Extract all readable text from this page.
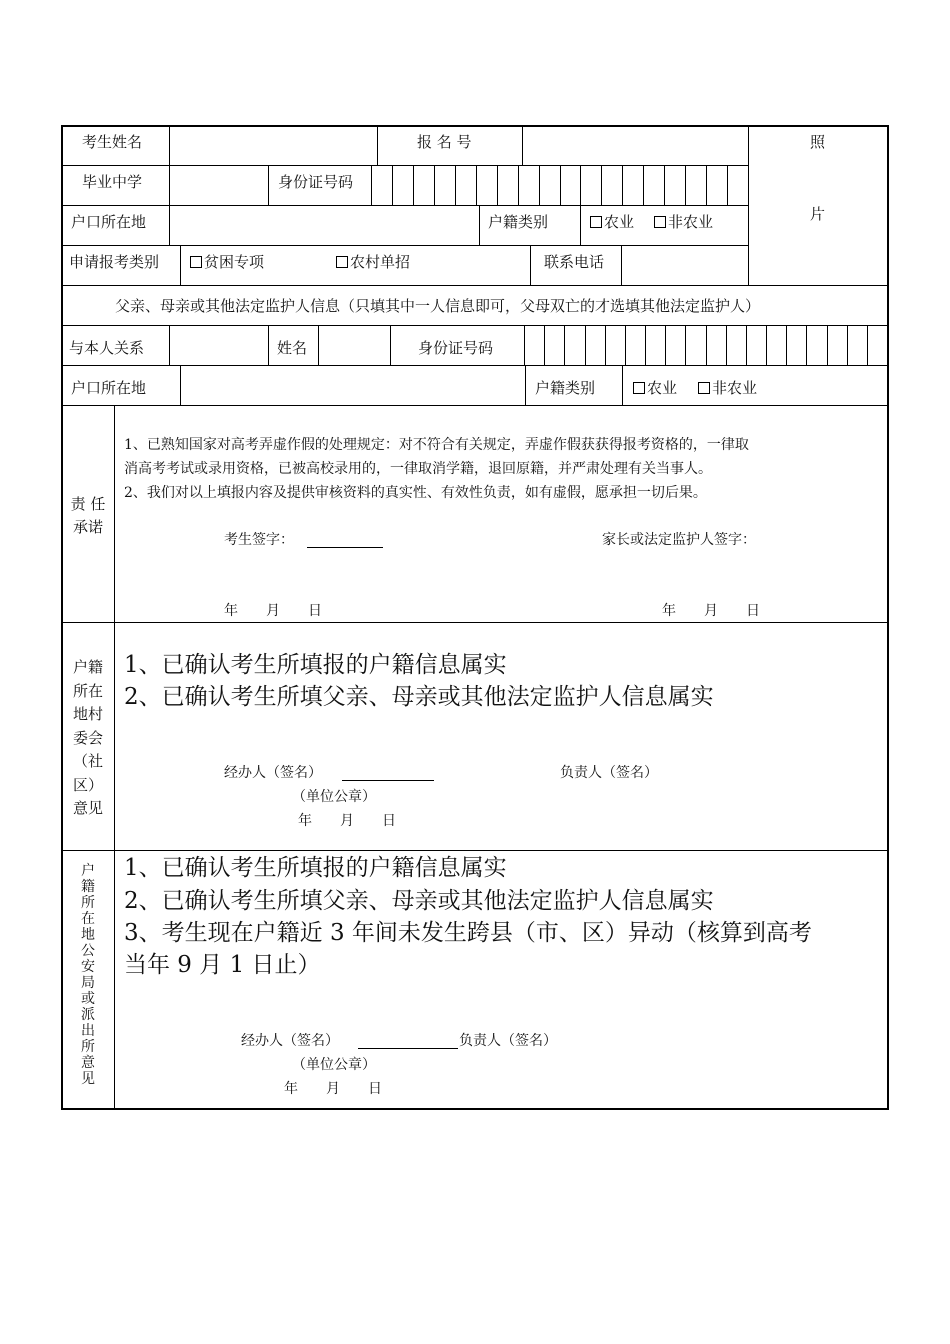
考生姓名	报 名 号	照
片
毕业中学	身份证号码
户口所在地	户籍类别	农业	非农业
申请报考类别	贫困专项	农村单招	联系电话
父亲、母亲或其他法定监护人信息（只填其中一人信息即可，父母双亡的才选填其他法定监护人）
与本人关系	姓名	身份证号码
户口所在地	户籍类别	农业	非农业
责 任 承诺
1、已熟知国家对高考弄虚作假的处理规定：对不符合有关规定，弄虚作假获获得报考资格的，一律取
消高考考试或录用资格，已被高校录用的，一律取消学籍，退回原籍，并严肃处理有关当事人。
2、我们对以上填报内容及提供审核资料的真实性、有效性负责，如有虚假，愿承担一切后果。
考生签字：	家长或法定监护人签字：
年　　月　　日	年　　月　　日
户籍所在地村委会（社区）意见
1、已确认考生所填报的户籍信息属实
2、已确认考生所填父亲、母亲或其他法定监护人信息属实
经办人（签名）	负责人（签名）
（单位公章）
年　　月　　日
户籍所在地公安局或派出所意见
1、已确认考生所填报的户籍信息属实
2、已确认考生所填父亲、母亲或其他法定监护人信息属实
3、考生现在户籍近 3 年间未发生跨县（市、区）异动（核算到高考
当年 9 月 1 日止）
经办人（签名）	负责人（签名）
（单位公章）
年　　月　　日
